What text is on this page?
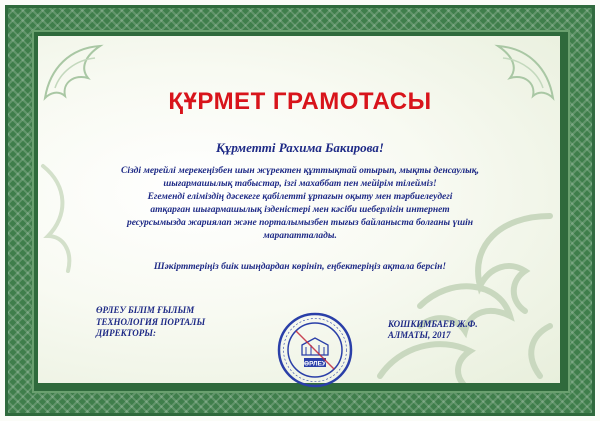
ҚҰРМЕТ ГРАМОТАСЫ
Құрметті Рахима Бакирова!

Сізді мерейлі мерекеңізбен шын жүректен құттықтай отырып, мықты денсаулық,

шығармашылық табыстар, ізгі махаббат пен мейірім тілейміз!

Егеменді еліміздің дәсекеге қабілетті ұрпағын оқыту мен тәрбиелеудегі

атқарған шығармашылық ізденістері мен кәсіби шеберлігін интернет

ресурсымызда жариялап және порталымызбен тығыз байланыста болғаны үшін

марапатталады.

Шәкірттеріңіз биік шыңдардан көрініп, еңбектеріңіз ақтала берсін!
ӨРЛЕУ БІЛІМ ҒЫЛЫМ
ТЕХНОЛОГИЯ ПОРТАЛЫ
ДИРЕКТОРЫ:
ӨРЛЕУ
КОШКИМБАЕВ Ж.Ф.
АЛМАТЫ, 2017
